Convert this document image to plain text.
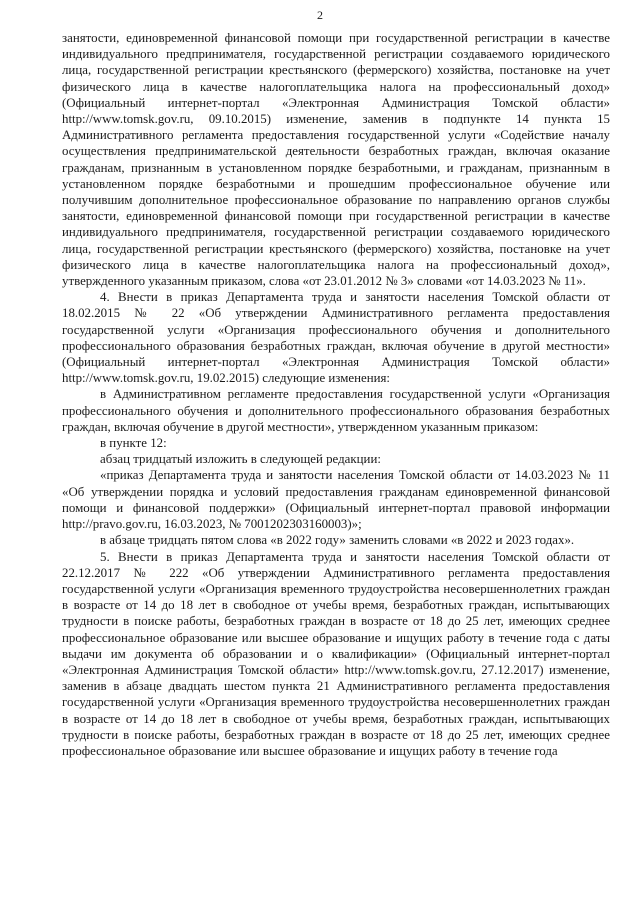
2

занятости, единовременной финансовой помощи при государственной регистрации в качестве индивидуального предпринимателя, государственной регистрации создаваемого юридического лица, государственной регистрации крестьянского (фермерского) хозяйства, постановке на учет физического лица в качестве налогоплательщика налога на профессиональный доход» (Официальный интернет-портал «Электронная Администрация Томской области» http://www.tomsk.gov.ru, 09.10.2015) изменение, заменив в подпункте 14 пункта 15 Административного регламента предоставления государственной услуги «Содействие началу осуществления предпринимательской деятельности безработных граждан, включая оказание гражданам, признанным в установленном порядке безработными, и гражданам, признанным в установленном порядке безработными и прошедшим профессиональное обучение или получившим дополнительное профессиональное образование по направлению органов службы занятости, единовременной финансовой помощи при государственной регистрации в качестве индивидуального предпринимателя, государственной регистрации создаваемого юридического лица, государственной регистрации крестьянского (фермерского) хозяйства, постановке на учет физического лица в качестве налогоплательщика налога на профессиональный доход», утвержденного указанным приказом, слова «от 23.01.2012 № 3» словами «от 14.03.2023 № 11».

4. Внести в приказ Департамента труда и занятости населения Томской области от 18.02.2015 № 22 «Об утверждении Административного регламента предоставления государственной услуги «Организация профессионального обучения и дополнительного профессионального образования безработных граждан, включая обучение в другой местности» (Официальный интернет-портал «Электронная Администрация Томской области» http://www.tomsk.gov.ru, 19.02.2015) следующие изменения:

в Административном регламенте предоставления государственной услуги «Организация профессионального обучения и дополнительного профессионального образования безработных граждан, включая обучение в другой местности», утвержденном указанным приказом:

в пункте 12:

абзац тридцатый изложить в следующей редакции:

«приказ Департамента труда и занятости населения Томской области от 14.03.2023 № 11 «Об утверждении порядка и условий предоставления гражданам единовременной финансовой помощи и финансовой поддержки» (Официальный интернет-портал правовой информации http://pravo.gov.ru, 16.03.2023, № 7001202303160003)»;

в абзаце тридцать пятом слова «в 2022 году» заменить словами «в 2022 и 2023 годах».

5. Внести в приказ Департамента труда и занятости населения Томской области от 22.12.2017 № 222 «Об утверждении Административного регламента предоставления государственной услуги «Организация временного трудоустройства несовершеннолетних граждан в возрасте от 14 до 18 лет в свободное от учебы время, безработных граждан, испытывающих трудности в поиске работы, безработных граждан в возрасте от 18 до 25 лет, имеющих среднее профессиональное образование или высшее образование и ищущих работу в течение года с даты выдачи им документа об образовании и о квалификации» (Официальный интернет-портал «Электронная Администрация Томской области» http://www.tomsk.gov.ru, 27.12.2017) изменение, заменив в абзаце двадцать шестом пункта 21 Административного регламента предоставления государственной услуги «Организация временного трудоустройства несовершеннолетних граждан в возрасте от 14 до 18 лет в свободное от учебы время, безработных граждан, испытывающих трудности в поиске работы, безработных граждан в возрасте от 18 до 25 лет, имеющих среднее профессиональное образование или высшее образование и ищущих работу в течение года
